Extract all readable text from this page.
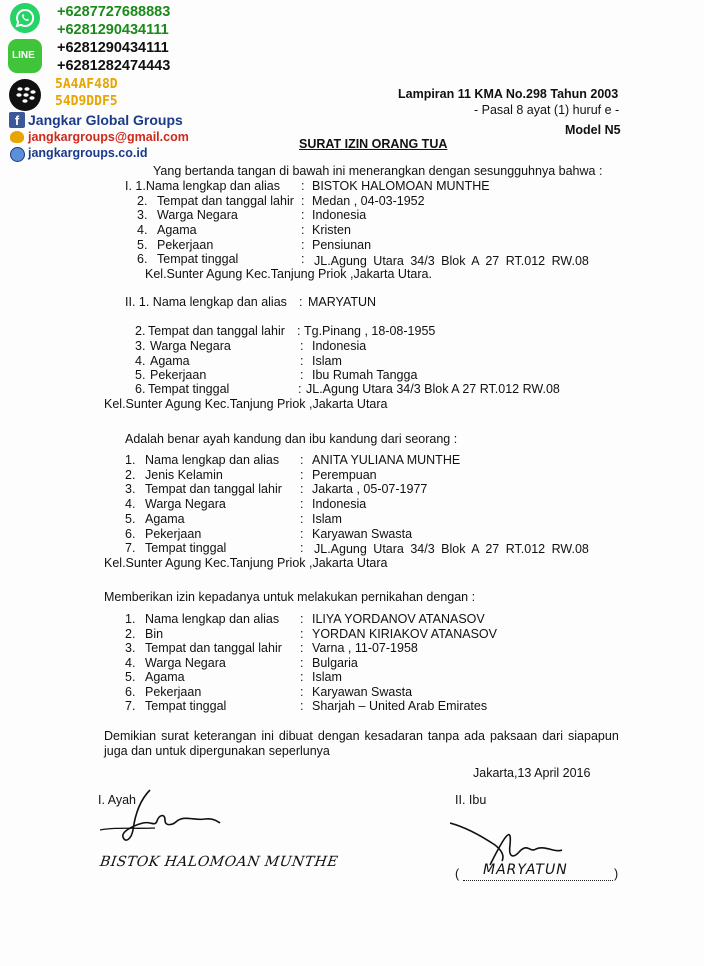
LINE
f
+6287727688883
+6281290434111
+6281290434111
+6281282474443
5A4AF48D
54D9DDF5
Jangkar Global Groups
jangkargroups@gmail.com
jangkargroups.co.id
Lampiran 11 KMA No.298 Tahun 2003
- Pasal 8 ayat (1) huruf e -
Model N5
SURAT IZIN ORANG TUA
Yang bertanda tangan di bawah ini menerangkan dengan sesungguhnya bahwa :
I. 1.Nama lengkap dan alias : BISTOK HALOMOAN MUNTHE
2. Tempat dan tanggal lahir : Medan , 04-03-1952
3. Warga Negara	: Indonesia
4. Agama	: Kristen
5. Pekerjaan	: Pensiunan
6. Tempat tinggal	: JL.Agung Utara 34/3 Blok A 27 RT.012 RW.08
Kel.Sunter Agung Kec.Tanjung Priok ,Jakarta Utara.
II. 1. Nama lengkap dan alias : MARYATUN
2. Tempat dan tanggal lahir : Tg.Pinang , 18-08-1955
3. Warga Negara	: Indonesia
4. Agama	: Islam
5. Pekerjaan	: Ibu Rumah Tangga
6. Tempat tinggal	: JL.Agung Utara 34/3 Blok A 27 RT.012 RW.08
Kel.Sunter Agung Kec.Tanjung Priok ,Jakarta Utara
Adalah benar ayah kandung dan ibu kandung dari seorang :
1. Nama lengkap dan alias : ANITA YULIANA MUNTHE
2. Jenis Kelamin	: Perempuan
3. Tempat dan tanggal lahir : Jakarta , 05-07-1977
4. Warga Negara	: Indonesia
5. Agama	: Islam
6. Pekerjaan	: Karyawan Swasta
7. Tempat tinggal	: JL.Agung Utara 34/3 Blok A 27 RT.012 RW.08
Kel.Sunter Agung Kec.Tanjung Priok ,Jakarta Utara
Memberikan izin kepadanya untuk melakukan pernikahan dengan :
1. Nama lengkap dan alias : ILIYA YORDANOV ATANASOV
2. Bin	: YORDAN KIRIAKOV ATANASOV
3. Tempat dan tanggal lahir : Varna , 11-07-1958
4. Warga Negara	: Bulgaria
5. Agama	: Islam
6. Pekerjaan	: Karyawan Swasta
7. Tempat tinggal	: Sharjah – United Arab Emirates
Demikian surat keterangan ini dibuat dengan kesadaran tanpa ada paksaan dari siapapun
juga dan untuk dipergunakan seperlunya
Jakarta,13 April 2016
I. Ayah	II. Ibu
BISTOK HALOMOAN MUNTHE
( MARYATUN	)
